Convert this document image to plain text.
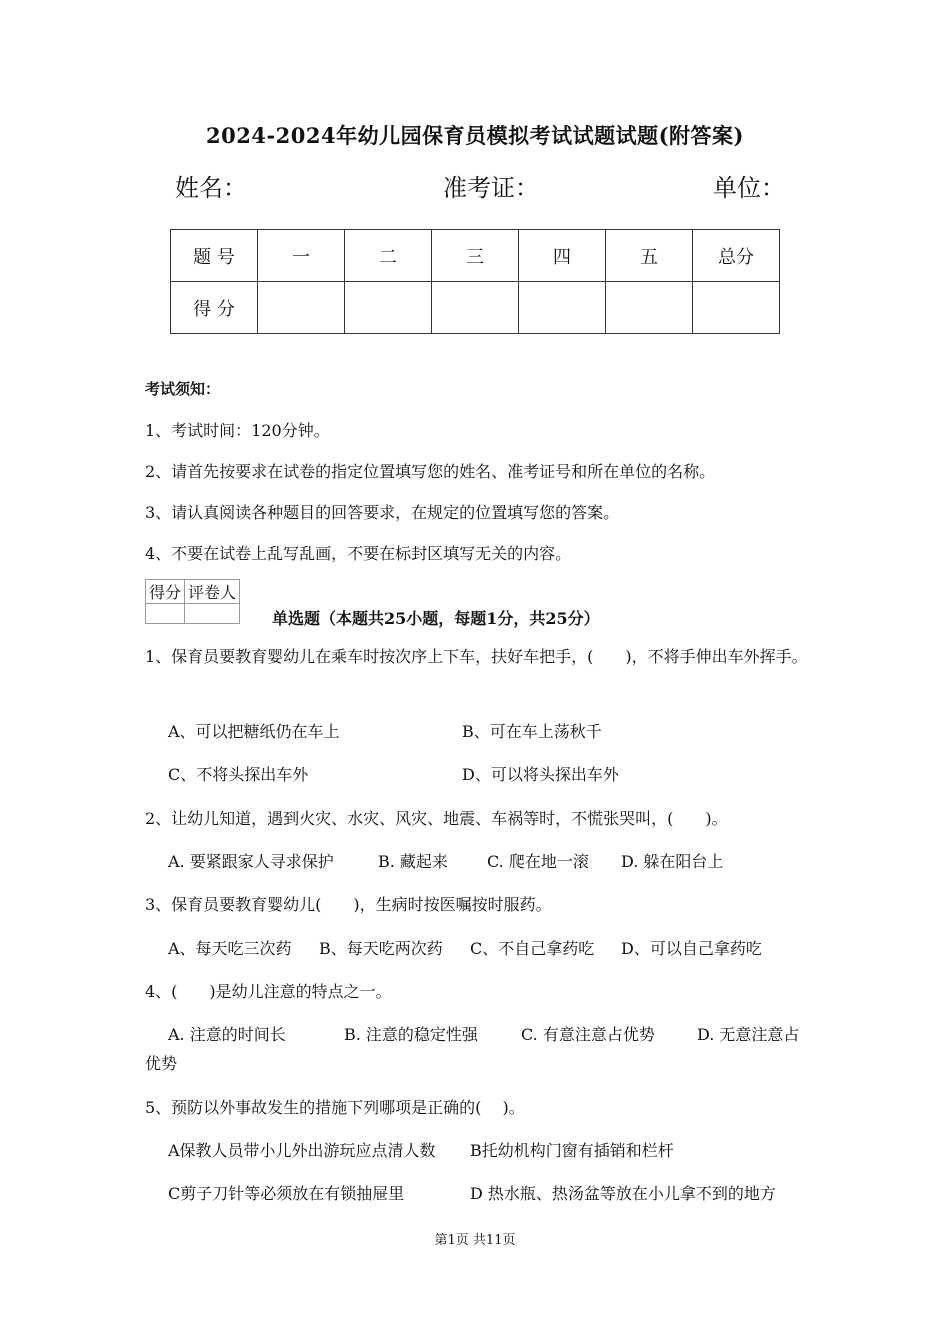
2024-2024年幼儿园保育员模拟考试试题试题(附答案)
姓名：	准考证：	单位：
题 号	一	二	三	四	五	总分
得 分						
考试须知：
1、考试时间：120分钟。
2、请首先按要求在试卷的指定位置填写您的姓名、准考证号和所在单位的名称。
3、请认真阅读各种题目的回答要求，在规定的位置填写您的答案。
4、不要在试卷上乱写乱画，不要在标封区填写无关的内容。
得分	评卷人

单选题（本题共25小题，每题1分，共25分）
1、保育员要教育婴幼儿在乘车时按次序上下车，扶好车把手，(　　)，不将手伸出车外挥手。
A、可以把糖纸仍在车上	B、可在车上荡秋千
C、不将头探出车外	D、可以将头探出车外
2、让幼儿知道，遇到火灾、水灾、风灾、地震、车祸等时，不慌张哭叫，(　　)。
A. 要紧跟家人寻求保护	B. 藏起来 C. 爬在地一滚 D. 躲在阳台上
3、保育员要教育婴幼儿(　　)，生病时按医嘱按时服药。
A、每天吃三次药 B、每天吃两次药 C、不自己拿药吃 D、可以自己拿药吃
4、(　　)是幼儿注意的特点之一。
A. 注意的时间长	B. 注意的稳定性强	C. 有意注意占优势	D. 无意注意占
优势
5、预防以外事故发生的措施下列哪项是正确的(　 )。
A保教人员带小儿外出游玩应点清人数 B托幼机构门窗有插销和栏杆
C剪子刀针等必须放在有锁抽屉里	D 热水瓶、热汤盆等放在小儿拿不到的地方
第1页 共11页
